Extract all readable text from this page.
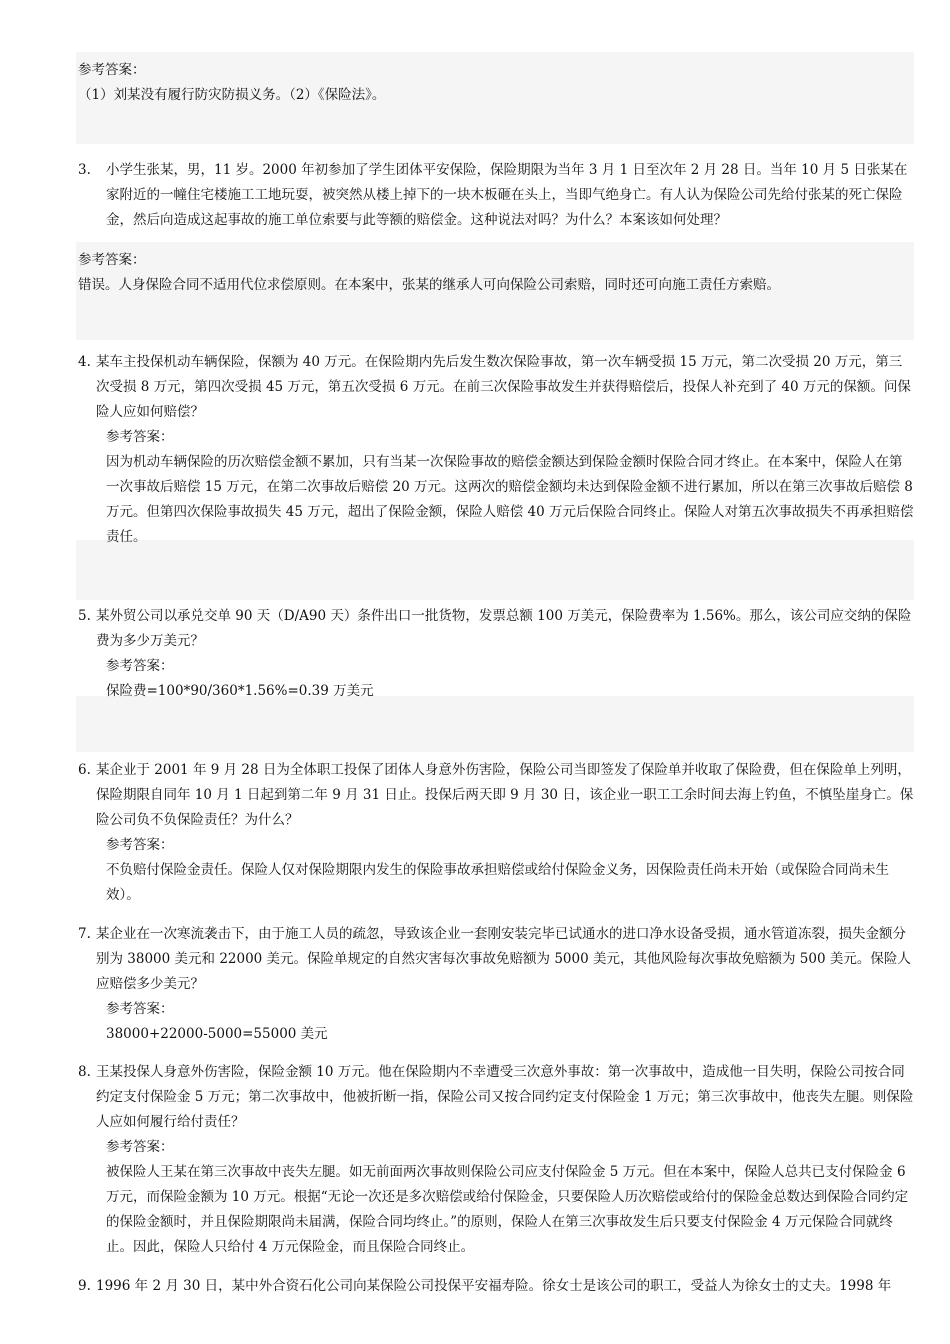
参考答案：

（1）刘某没有履行防灾防损义务。（2）《保险法》。

3. 小学生张某，男，11 岁。2000 年初参加了学生团体平安保险，保险期限为当年 3 月 1 日至次年 2 月 28 日。当年 10 月 5 日张某在家附近的一幢住宅楼施工工地玩耍，被突然从楼上掉下的一块木板砸在头上，当即气绝身亡。有人认为保险公司先给付张某的死亡保险金，然后向造成这起事故的施工单位索要与此等额的赔偿金。这种说法对吗？为什么？本案该如何处理？

参考答案：

错误。人身保险合同不适用代位求偿原则。在本案中，张某的继承人可向保险公司索赔，同时还可向施工责任方索赔。

4. 某车主投保机动车辆保险，保额为 40 万元。在保险期内先后发生数次保险事故，第一次车辆受损 15 万元，第二次受损 20 万元，第三次受损 8 万元，第四次受损 45 万元，第五次受损 6 万元。在前三次保险事故发生并获得赔偿后，投保人补充到了 40 万元的保额。问保险人应如何赔偿？

参考答案：

因为机动车辆保险的历次赔偿金额不累加，只有当某一次保险事故的赔偿金额达到保险金额时保险合同才终止。在本案中，保险人在第一次事故后赔偿 15 万元，在第二次事故后赔偿 20 万元。这两次的赔偿金额均未达到保险金额不进行累加，所以在第三次事故后赔偿 8 万元。但第四次保险事故损失 45 万元，超出了保险金额，保险人赔偿 40 万元后保险合同终止。保险人对第五次事故损失不再承担赔偿责任。

5. 某外贸公司以承兑交单 90 天（D/A90 天）条件出口一批货物，发票总额 100 万美元，保险费率为 1.56%。那么，该公司应交纳的保险费为多少万美元？

参考答案：

保险费=100*90/360*1.56%=0.39 万美元

6. 某企业于 2001 年 9 月 28 日为全体职工投保了团体人身意外伤害险，保险公司当即签发了保险单并收取了保险费，但在保险单上列明，保险期限自同年 10 月 1 日起到第二年 9 月 31 日止。投保后两天即 9 月 30 日，该企业一职工工余时间去海上钓鱼，不慎坠崖身亡。保险公司负不负保险责任？为什么？

参考答案：

不负赔付保险金责任。保险人仅对保险期限内发生的保险事故承担赔偿或给付保险金义务，因保险责任尚未开始（或保险合同尚未生效）。

7. 某企业在一次寒流袭击下，由于施工人员的疏忽，导致该企业一套刚安装完毕已试通水的进口净水设备受损，通水管道冻裂，损失金额分别为 38000 美元和 22000 美元。保险单规定的自然灾害每次事故免赔额为 5000 美元，其他风险每次事故免赔额为 500 美元。保险人应赔偿多少美元？

参考答案：

38000+22000-5000=55000 美元

8. 王某投保人身意外伤害险，保险金额 10 万元。他在保险期内不幸遭受三次意外事故：第一次事故中，造成他一目失明，保险公司按合同约定支付保险金 5 万元；第二次事故中，他被折断一指，保险公司又按合同约定支付保险金 1 万元；第三次事故中，他丧失左腿。则保险人应如何履行给付责任？

参考答案：

被保险人王某在第三次事故中丧失左腿。如无前面两次事故则保险公司应支付保险金 5 万元。但在本案中，保险人总共已支付保险金 6 万元，而保险金额为 10 万元。根据“无论一次还是多次赔偿或给付保险金，只要保险人历次赔偿或给付的保险金总数达到保险合同约定的保险金额时，并且保险期限尚未届满，保险合同均终止。”的原则，保险人在第三次事故发生后只要支付保险金 4 万元保险合同就终止。因此，保险人只给付 4 万元保险金，而且保险合同终止。

9. 1996 年 2 月 30 日，某中外合资石化公司向某保险公司投保平安福寿险。徐女士是该公司的职工，受益人为徐女士的丈夫。1998 年
